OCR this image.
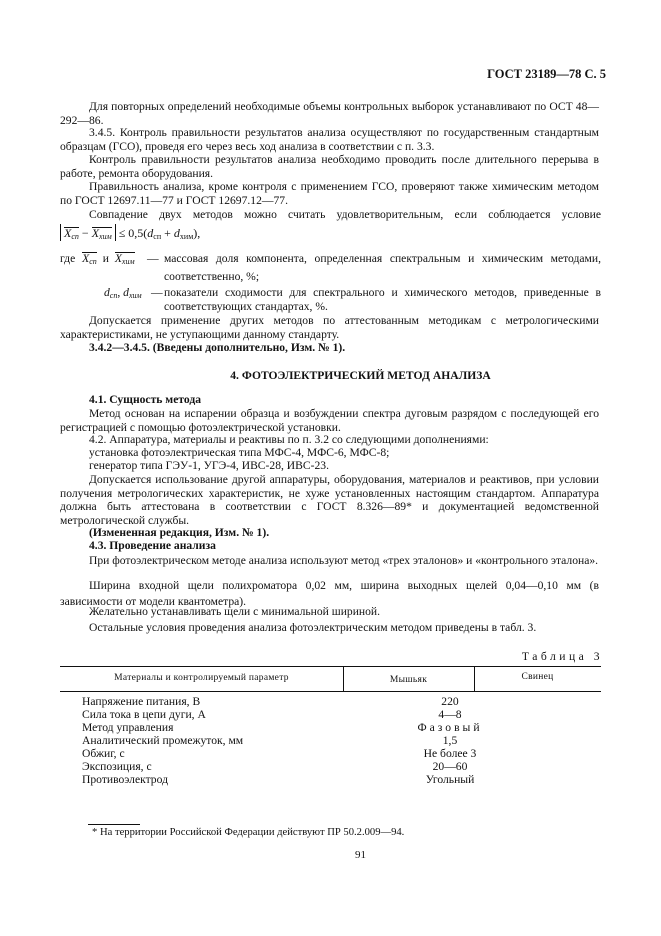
ГОСТ 23189—78 С. 5
Для повторных определений необходимые объемы контрольных выборок устанавливают по ОСТ 48—292—86.
3.4.5. Контроль правильности результатов анализа осуществляют по государственным стандартным образцам (ГСО), проведя его через весь ход анализа в соответствии с п. 3.3.
Контроль правильности результатов анализа необходимо проводить после длительного перерыва в работе, ремонта оборудования.
Правильность анализа, кроме контроля с применением ГСО, проверяют также химическим методом по ГОСТ 12697.11—77 и ГОСТ 12697.12—77.
Совпадение двух методов можно считать удовлетворительным, если соблюдается условие
$X_{сп} - X_{хим} \le 0,5(d_{сп} + d_{хим})$,
где $X_{сп}$ и $X_{хим}$ — массовая доля компонента, определенная спектральным и химическим методами,
соответственно, %;
$d_{сп}$, $d_{хим}$ — показатели сходимости для спектрального и химического методов, приведенные в
соответствующих стандартах, %.
Допускается применение других методов по аттестованным методикам с метрологическими характеристиками, не уступающими данному стандарту.
3.4.2—3.4.5. (Введены дополнительно, Изм. № 1).
4. ФОТОЭЛЕКТРИЧЕСКИЙ МЕТОД АНАЛИЗА
4.1. Сущность метода
Метод основан на испарении образца и возбуждении спектра дуговым разрядом с последующей его регистрацией с помощью фотоэлектрической установки.
4.2. Аппаратура, материалы и реактивы по п. 3.2 со следующими дополнениями:
установка фотоэлектрическая типа МФС-4, МФС-6, МФС-8;
генератор типа ГЭУ-1, УГЭ-4, ИВС-28, ИВС-23.
Допускается использование другой аппаратуры, оборудования, материалов и реактивов, при условии получения метрологических характеристик, не хуже установленных настоящим стандартом. Аппаратура должна быть аттестована в соответствии с ГОСТ 8.326—89* и документацией ведомственной метрологической службы.
(Измененная редакция, Изм. № 1).
4.3. Проведение анализа
При фотоэлектрическом методе анализа используют метод «трех эталонов» и «контрольного эталона».
Ширина входной щели полихроматора 0,02 мм, ширина выходных щелей 0,04—0,10 мм (в зависимости от модели квантометра).
Желательно устанавливать щели с минимальной шириной.
Остальные условия проведения анализа фотоэлектрическим методом приведены в табл. 3.
Таблица 3
Материалы и контролируемый параметр	Мышьяк	Свинец
Напряжение питания, В	220
Сила тока в цепи дуги, А	4—8
Метод управления	Фазовый
Аналитический промежуток, мм	1,5
Обжиг, с	Не более 3
Экспозиция, с	20—60
Противоэлектрод	Угольный
* На территории Российской Федерации действуют ПР 50.2.009—94.
91
